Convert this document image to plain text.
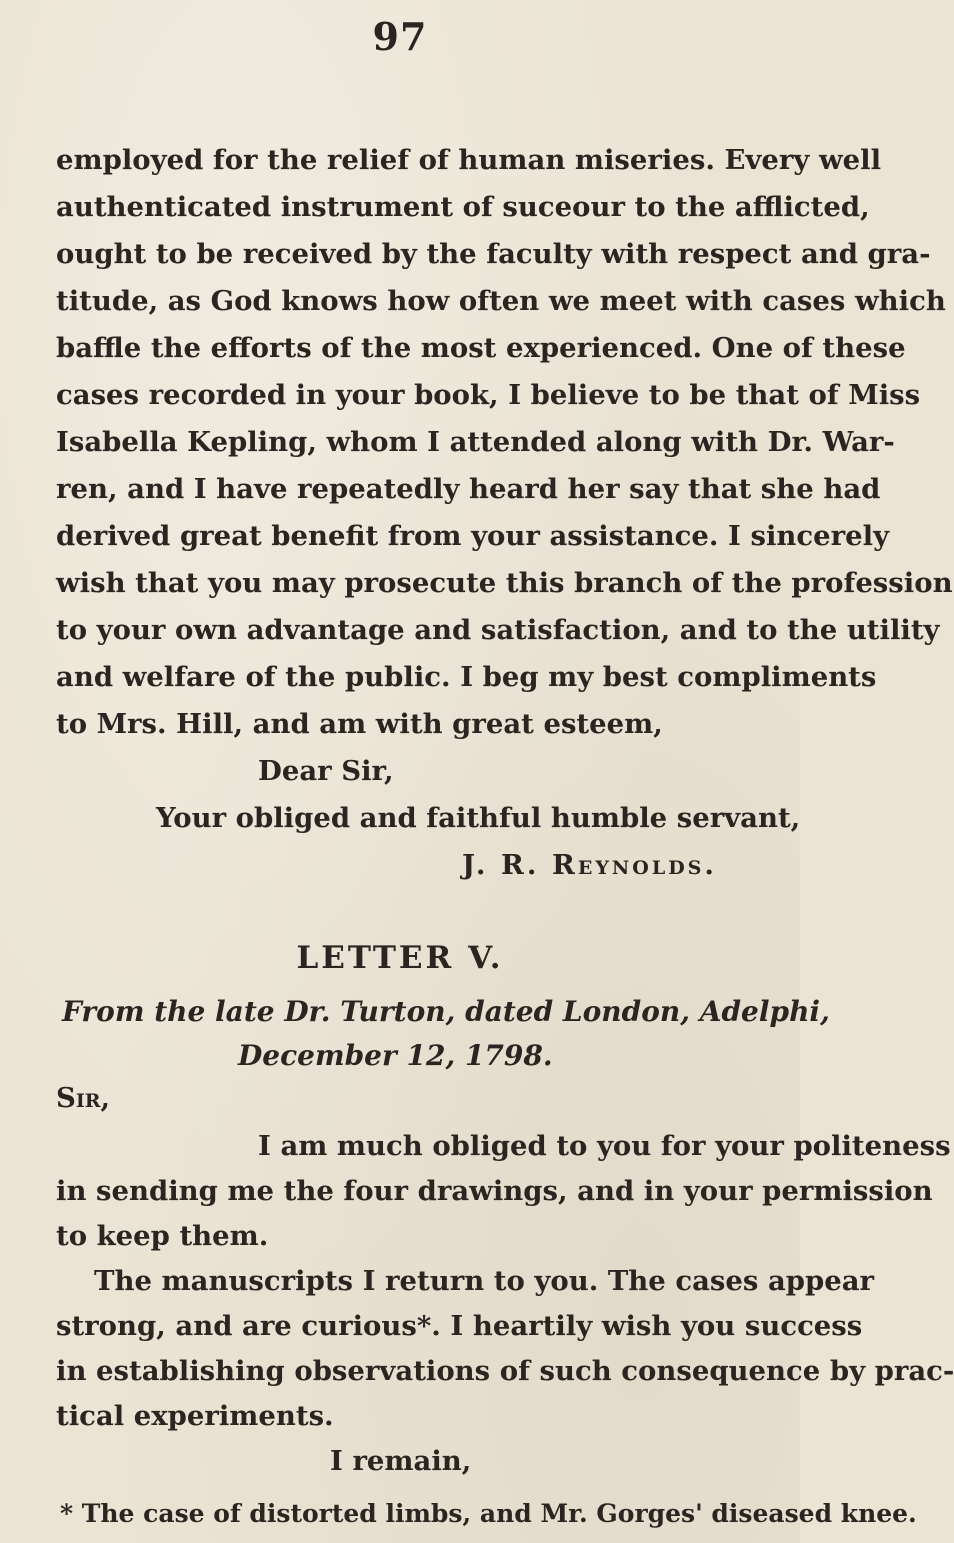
97
employed for the relief of human miseries. Every well
authenticated instrument of suceour to the afflicted,
ought to be received by the faculty with respect and gra-
titude, as God knows how often we meet with cases which
baffle the efforts of the most experienced. One of these
cases recorded in your book, I believe to be that of Miss
Isabella Kepling, whom I attended along with Dr. War-
ren, and I have repeatedly heard her say that she had
derived great benefit from your assistance. I sincerely
wish that you may prosecute this branch of the profession
to your own advantage and satisfaction, and to the utility
and welfare of the public. I beg my best compliments
to Mrs. Hill, and am with great esteem,
Dear Sir,
Your obliged and faithful humble servant,
J. R. Reynolds.
LETTER V.
From the late Dr. Turton, dated London, Adelphi,
December 12, 1798.
Sir,
I am much obliged to you for your politeness
in sending me the four drawings, and in your permission
to keep them.
The manuscripts I return to you. The cases appear
strong, and are curious*. I heartily wish you success
in establishing observations of such consequence by prac-
tical experiments.
I remain,
* The case of distorted limbs, and Mr. Gorges' diseased knee.
